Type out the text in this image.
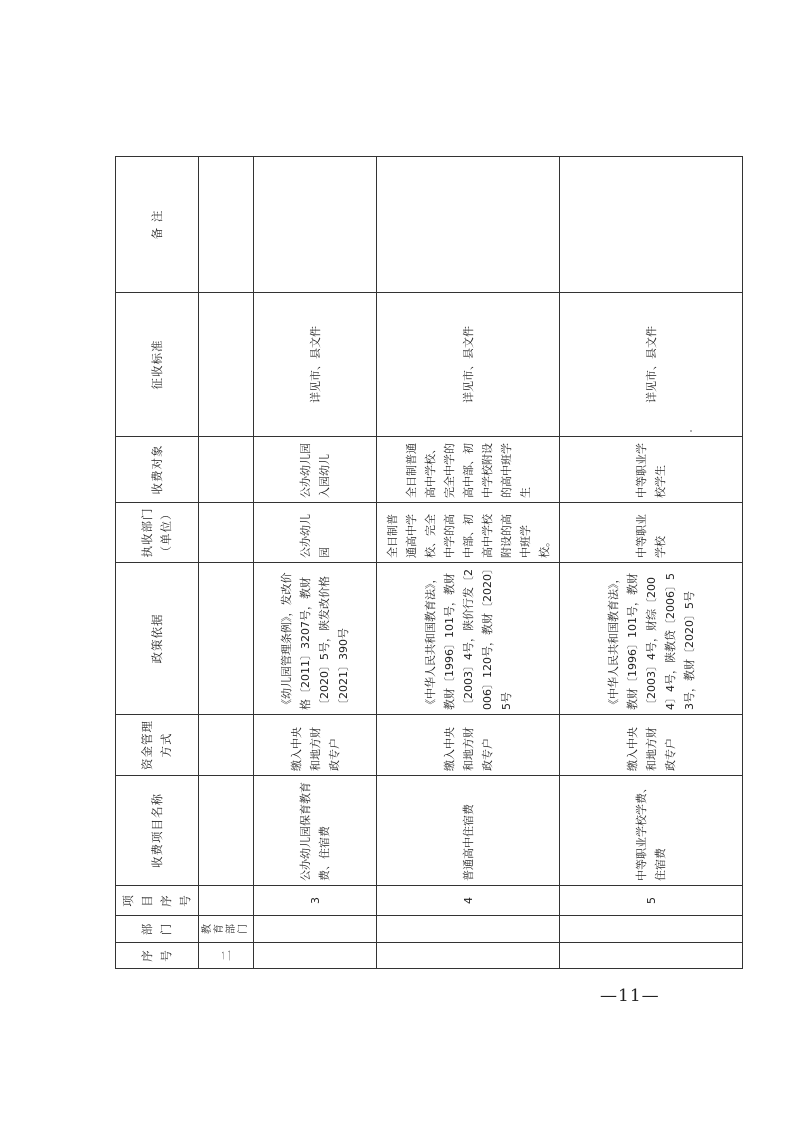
序号	部门	项目序号	收费项目名称	资金管理方式	政策依据	执收部门（单位）	收费对象	征收标准	备 注

二	教育部门								
		3	公办幼儿园保育教育费、住宿费	缴入中央和地方财政专户	《幼儿园管理条例》，发改价格〔2011〕3207号，教财〔2020〕5号，陕发改价格〔2021〕390号	公办幼儿园	公办幼儿园入园幼儿	详见市、县文件	
		4	普通高中住宿费	缴入中央和地方财政专户	《中华人民共和国教育法》，教财〔1996〕101号，教财〔2003〕4号，陕价行发〔2006〕120号，教财〔2020〕5号	全日制普通高中学校、完全中学的高中部、初高中学校附设的高中班学校。	全日制普通高中学校、完全中学的高中部、初中学校附设的高中班学生	详见市、县文件	
		5	中等职业学校学费、住宿费	缴入中央和地方财政专户	《中华人民共和国教育法》，教财〔1996〕101号，教财〔2003〕4号，财综〔2004〕4号，陕教贷〔2006〕53号，教财〔2020〕5号	中等职业学校	中等职业学校学生	详见市、县文件	
—11—
